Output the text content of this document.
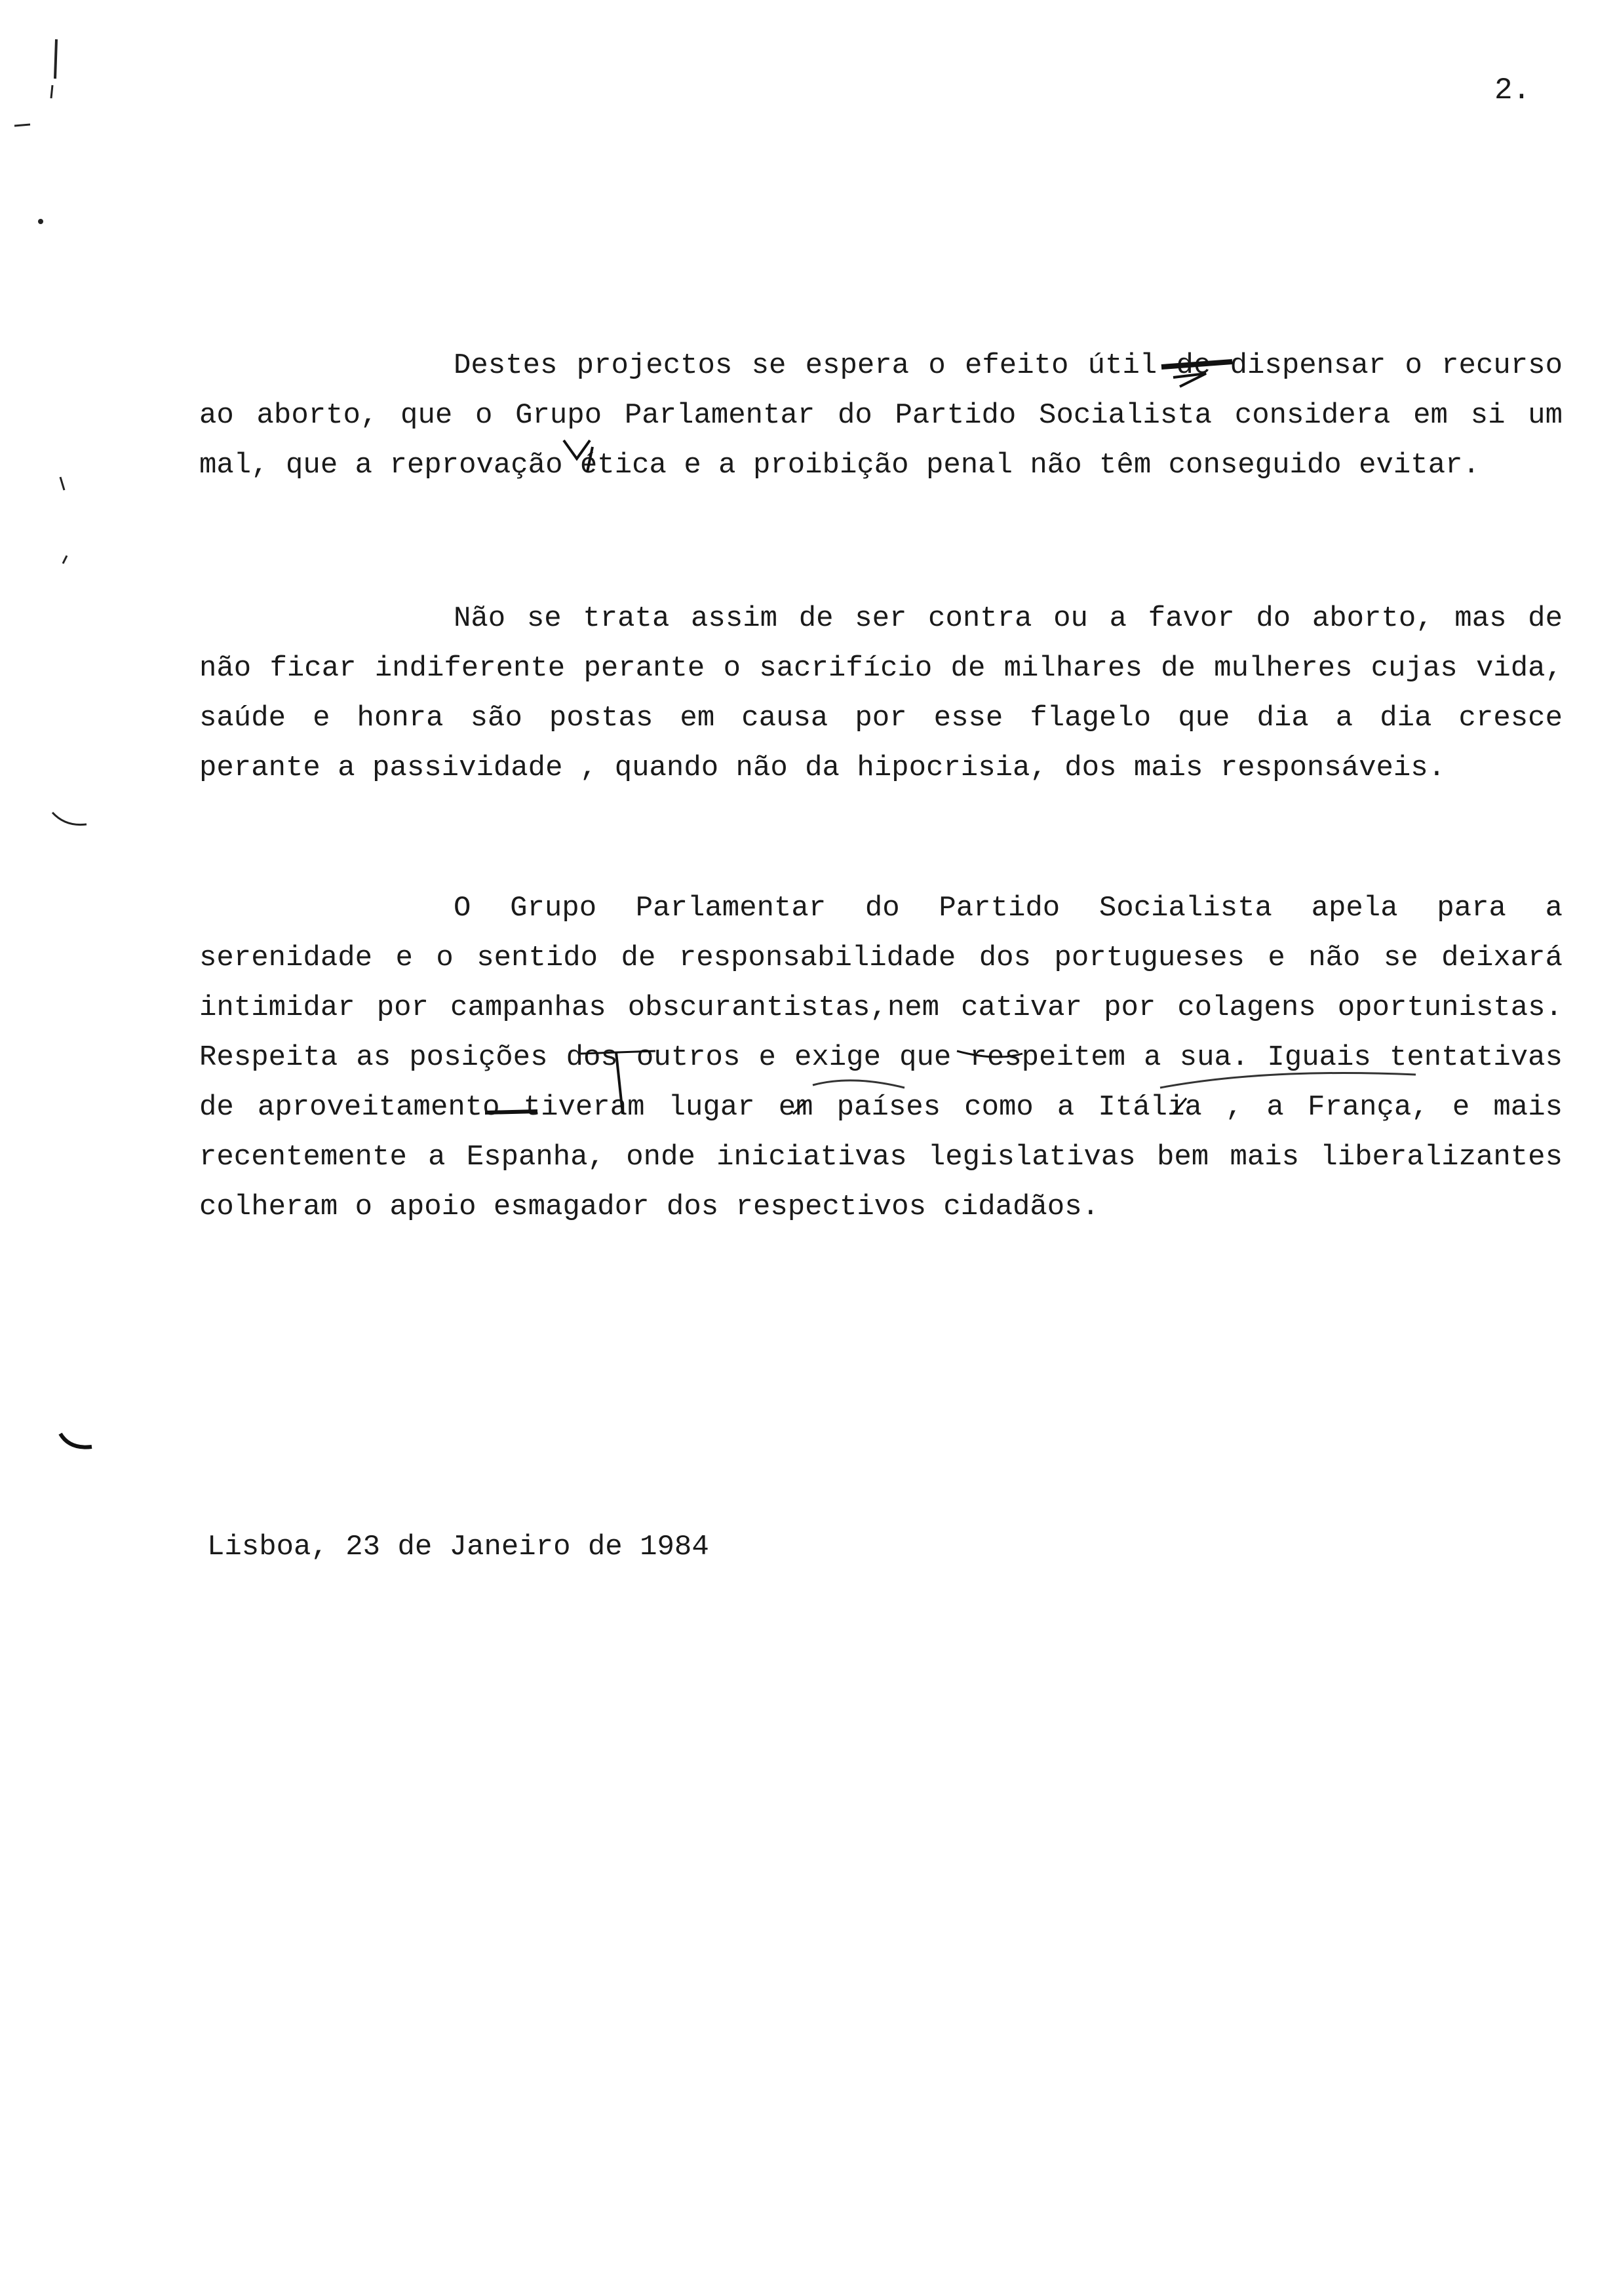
2.

Destes projectos se espera o efeito útil de dispensar o recurso ao aborto, que o Grupo Parlamentar do Partido Socialista considera em si um mal, que a reprovação ética e a proibição penal não têm conseguido evitar.

Não se trata assim de ser contra ou a favor do aborto, mas de não ficar indiferente perante o sacrifício de milhares de mulheres cujas vida, saúde e honra são postas em causa por esse flagelo que dia a dia cresce perante a passividade , quando não da hipocrisia, dos mais responsáveis.

O Grupo Parlamentar do Partido Socialista apela para a serenidade e o sentido de responsabilidade dos portugueses e não se deixará intimidar por campanhas obscurantistas,nem cativar por colagens oportunistas. Respeita as posições dos outros e exige que respeitem a sua. Iguais tentativas de aproveitamento tiveram lugar em países como a Itália , a França, e mais recentemente a Espanha, onde iniciativas legislativas bem mais liberalizantes colheram o apoio esmagador dos respectivos cidadãos.

Lisboa, 23 de Janeiro de 1984
